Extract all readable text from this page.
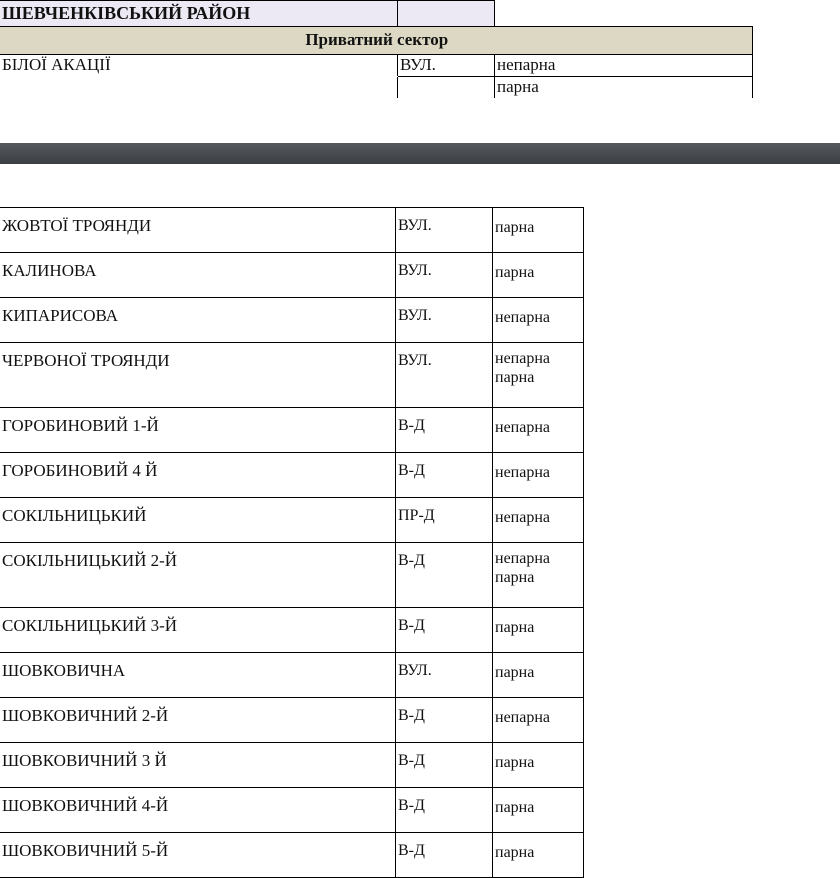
ШЕВЧЕНКІВСЬКИЙ РАЙОН		
Приватний сектор		
БІЛОЇ АКАЦІЇ	ВУЛ.	непарна
		парна
ЖОВТОЇ ТРОЯНДИ	ВУЛ.	парна

КАЛИНОВА	ВУЛ.	парна

КИПАРИСОВА	ВУЛ.	непарна

ЧЕРВОНОЇ ТРОЯНДИ	ВУЛ.	непарна
парна

ГОРОБИНОВИЙ 1-Й	В-Д	непарна

ГОРОБИНОВИЙ 4 Й	В-Д	непарна

СОКІЛЬНИЦЬКИЙ	ПР-Д	непарна

СОКІЛЬНИЦЬКИЙ 2-Й	В-Д	непарна
парна

СОКІЛЬНИЦЬКИЙ 3-Й	В-Д	парна

ШОВКОВИЧНА	ВУЛ.	парна

ШОВКОВИЧНИЙ 2-Й	В-Д	непарна

ШОВКОВИЧНИЙ 3 Й	В-Д	парна

ШОВКОВИЧНИЙ 4-Й	В-Д	парна

ШОВКОВИЧНИЙ 5-Й	В-Д	парна
